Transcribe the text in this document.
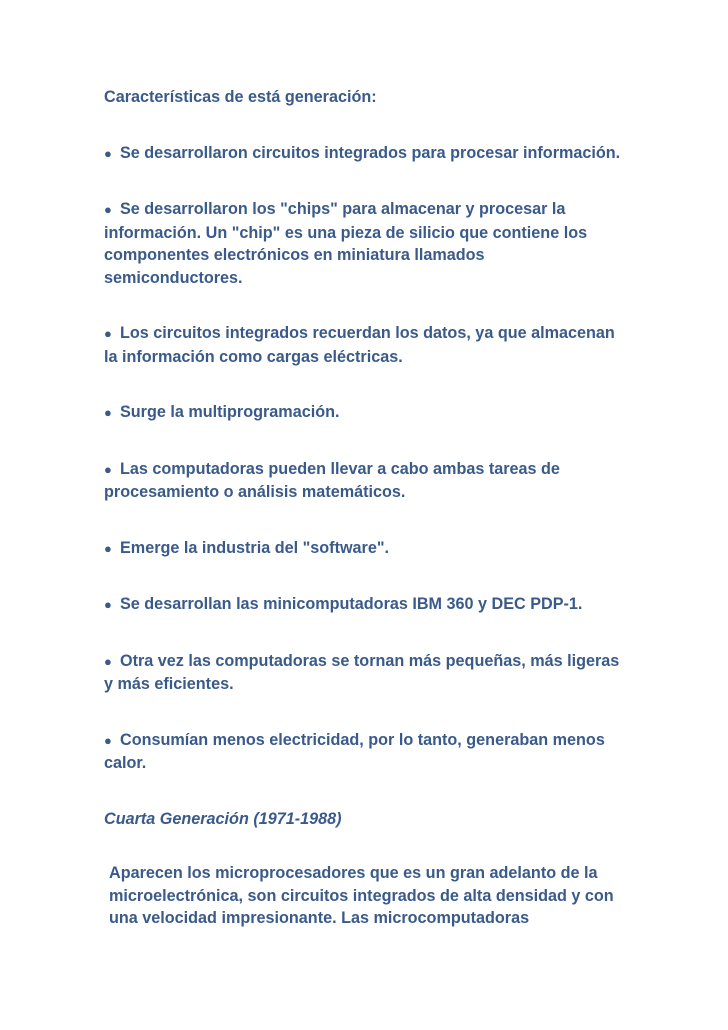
Características de está generación:

● Se desarrollaron circuitos integrados para procesar información.

● Se desarrollaron los "chips" para almacenar y procesar la información. Un "chip" es una pieza de silicio que contiene los componentes electrónicos en miniatura llamados semiconductores.

● Los circuitos integrados recuerdan los datos, ya que almacenan la información como cargas eléctricas.

● Surge la multiprogramación.

● Las computadoras pueden llevar a cabo ambas tareas de procesamiento o análisis matemáticos.

● Emerge la industria del "software".

● Se desarrollan las minicomputadoras IBM 360 y DEC PDP-1.

● Otra vez las computadoras se tornan más pequeñas, más ligeras y más eficientes.

● Consumían menos electricidad, por lo tanto, generaban menos calor.

Cuarta Generación (1971-1988)

Aparecen los microprocesadores que es un gran adelanto de la microelectrónica, son circuitos integrados de alta densidad y con una velocidad impresionante. Las microcomputadoras
